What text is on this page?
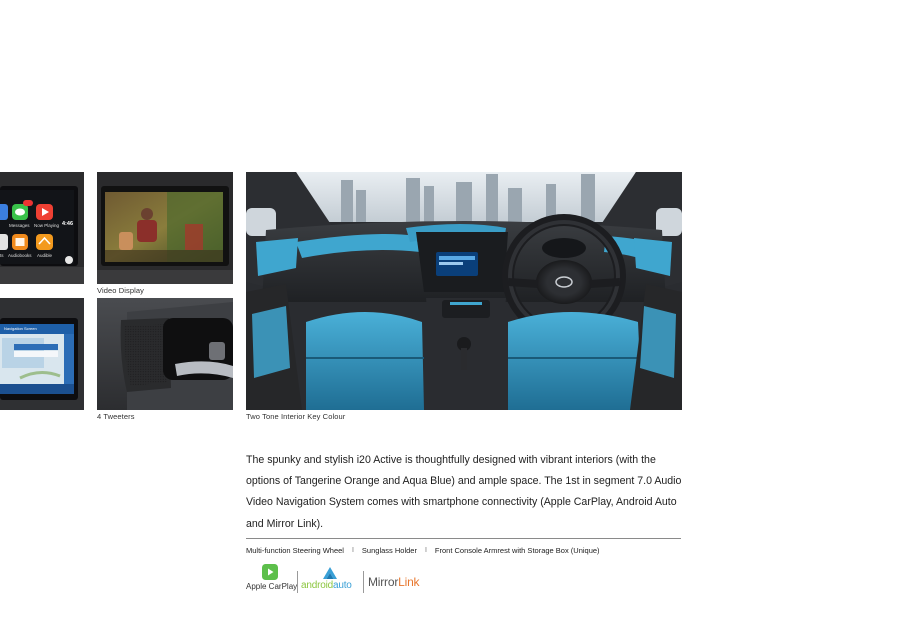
4:46
Messages Now Playing
ts Audiobooks Audible
Video Display
Navigation Screen
4 Tweeters	Two Tone Interior Key Colour

The spunky and stylish i20 Active is thoughtfully designed with vibrant interiors (with the options of Tangerine Orange and Aqua Blue) and ample space. The 1st in segment 7.0 Audio Video Navigation System comes with smartphone connectivity (Apple CarPlay, Android Auto and Mirror Link).

Multi-function Steering Wheel I Sunglass Holder I Front Console Armrest with Storage Box (Unique)
Apple CarPlay androidauto MirrorLink
